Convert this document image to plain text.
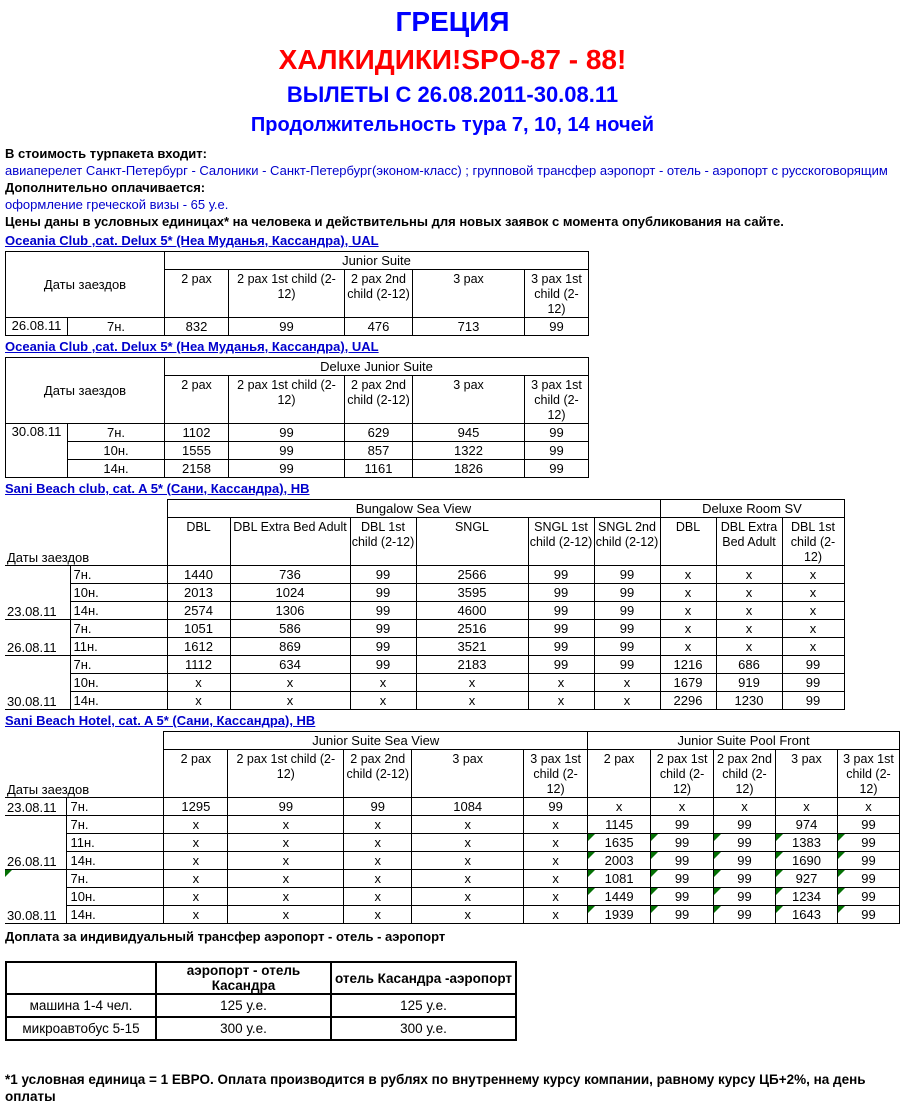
ГРЕЦИЯ
ХАЛКИДИКИ!SPO-87 - 88!
ВЫЛЕТЫ С 26.08.2011-30.08.11
Продолжительность тура 7, 10, 14 ночей

В стоимость турпакета входит:

авиаперелет Санкт-Петербург - Салоники - Санкт-Петербург(эконом-класс) ; групповой трансфер аэропорт - отель - аэропорт с русскоговорящим

Дополнительно оплачивается:

оформление греческой визы - 65 у.е.

Цены даны в условных единицах* на человека и действительны для новых заявок с момента опубликования на сайте.

Oceania Club ,cat. Delux 5* (Неа Муданья, Кассандра), UAL
Даты заездов		Junior Suite				
		2 pax	2 pax 1st child (2-12)	2 pax 2nd child (2-12)	3 pax	3 pax 1st child (2-12)
26.08.11	7н.	832	99	476	713	99
Oceania Club ,cat. Delux 5* (Неа Муданья, Кассандра), UAL
Даты заездов		Deluxe Junior Suite				
		2 pax	2 pax 1st child (2-12)	2 pax 2nd child (2-12)	3 pax	3 pax 1st child (2-12)
30.08.11	7н.	1102	99	629	945	99
	10н.	1555	99	857	1322	99
	14н.	2158	99	1161	1826	99
Sani Beach club, cat. A 5* (Сани, Кассандра), НВ
Даты заездов		Bungalow Sea View						Deluxe Room SV		
		DBL	DBL Extra Bed Adult	DBL 1st child (2-12)	SNGL	SNGL 1st child (2-12)	SNGL 2nd child (2-12)	DBL	DBL Extra Bed Adult	DBL 1st child (2-12)
23.08.11	7н.	1440	736	99	2566	99	99	x	x	x
	10н.	2013	1024	99	3595	99	99	x	x	x
	14н.	2574	1306	99	4600	99	99	x	x	x
26.08.11	7н.	1051	586	99	2516	99	99	x	x	x
	11н.	1612	869	99	3521	99	99	x	x	x
30.08.11	7н.	1112	634	99	2183	99	99	1216	686	99
	10н.	x	x	x	x	x	x	1679	919	99
	14н.	x	x	x	x	x	x	2296	1230	99
Sani Beach Hotel, cat. A 5* (Сани, Кассандра), НВ
Даты заездов		Junior Suite Sea View					Junior Suite Pool Front				
		2 pax	2 pax 1st child (2-12)	2 pax 2nd child (2-12)	3 pax	3 pax 1st child (2-12)	2 pax	2 pax 1st child (2-12)	2 pax 2nd child (2-12)	3 pax	3 pax 1st child (2-12)
23.08.11	7н.	1295	99	99	1084	99	x	x	x	x	x
26.08.11	7н.	x	x	x	x	x	1145	99	99	974	99
	11н.	x	x	x	x	x	1635	99	99	1383	99
	14н.	x	x	x	x	x	2003	99	99	1690	99
30.08.11	7н.	x	x	x	x	x	1081	99	99	927	99
	10н.	x	x	x	x	x	1449	99	99	1234	99
	14н.	x	x	x	x	x	1939	99	99	1643	99

Доплата за индивидуальный трансфер аэропорт - отель - аэропорт

	аэропорт - отель Касандра	отель Касандра -аэропорт
машина 1-4 чел.	125 у.е.	125 у.е.
микроавтобус 5-15	300 у.е.	300 у.е.

*1 условная единица = 1 ЕВРО. Оплата производится в рублях по внутреннему курсу компании, равному курсу ЦБ+2%, на день оплаты
